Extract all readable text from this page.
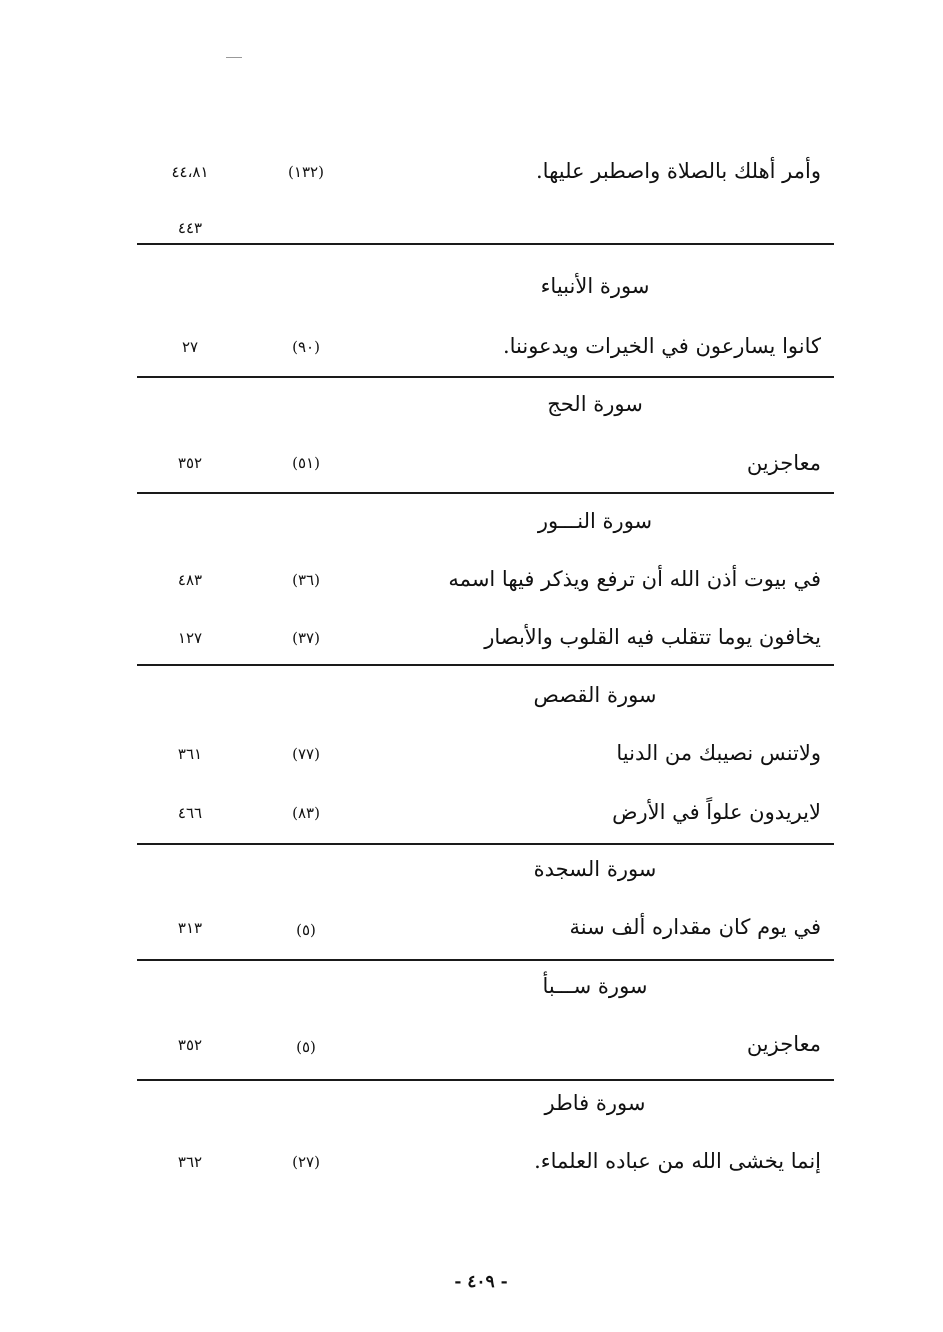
وأمر أهلك بالصلاة واصطبر عليها.
(١٣٢)
٤٤،٨١
٤٤٣
سورة الأنبياء
كانوا يسارعون في الخيرات ويدعوننا.
(٩٠)
٢٧
سورة الحج
معاجزين
(٥١)
٣٥٢
سورة النـــور
في بيوت أذن الله أن ترفع ويذكر فيها اسمه
(٣٦)
٤٨٣
يخافون يوما تتقلب فيه القلوب والأبصار
(٣٧)
١٢٧
سورة القصص
ولاتنس نصيبك من الدنيا
(٧٧)
٣٦١
لايريدون علواً في الأرض
(٨٣)
٤٦٦
سورة السجدة
في يوم كان مقداره ألف سنة
(٥)
٣١٣
سورة ســـبأ
معاجزين
(٥)
٣٥٢
سورة فاطر
إنما يخشى الله من عباده العلماء.
(٢٧)
٣٦٢
- ٤٠٩ -
